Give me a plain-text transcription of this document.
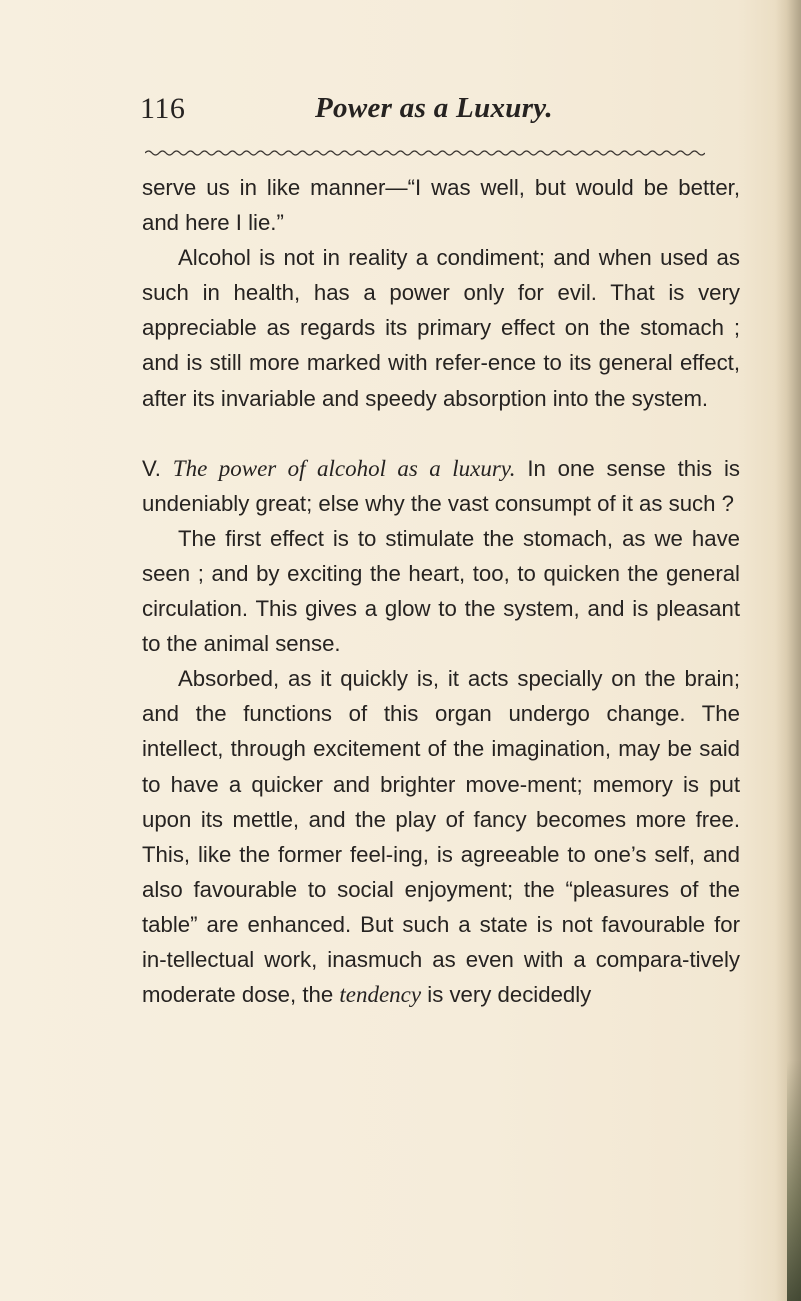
116	Power as a Luxury.

serve us in like manner—“I was well, but would be better, and here I lie.”

Alcohol is not in reality a condiment; and when used as such in health, has a power only for evil. That is very appreciable as regards its primary effect on the stomach ; and is still more marked with refer-ence to its general effect, after its invariable and speedy absorption into the system.

V. The power of alcohol as a luxury. In one sense this is undeniably great; else why the vast consumpt of it as such ?

The first effect is to stimulate the stomach, as we have seen ; and by exciting the heart, too, to quicken the general circulation. This gives a glow to the system, and is pleasant to the animal sense.

Absorbed, as it quickly is, it acts specially on the brain; and the functions of this organ undergo change. The intellect, through excitement of the imagination, may be said to have a quicker and brighter move-ment; memory is put upon its mettle, and the play of fancy becomes more free. This, like the former feel-ing, is agreeable to one’s self, and also favourable to social enjoyment; the “pleasures of the table” are enhanced. But such a state is not favourable for in-tellectual work, inasmuch as even with a compara-tively moderate dose, the tendency is very decidedly
